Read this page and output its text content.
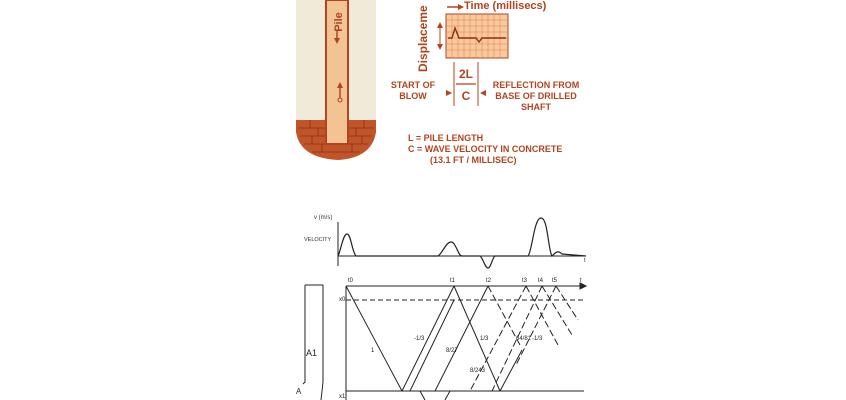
Pile
Time (millisecs)
Displaceme
2L
C
START OF
BLOW
REFLECTION FROM
BASE OF DRILLED
SHAFT
L = PILE LENGTH
C = WAVE VELOCITY IN CONCRETE
(13.1 FT / MILLISEC)
v (m/s)
VELOCITY
t
t0	t1	t2	t3 t4 t5	t
x0
x1
A1
A
1
-1/3
8/27
1/3
8/243
64/81 -1/3
